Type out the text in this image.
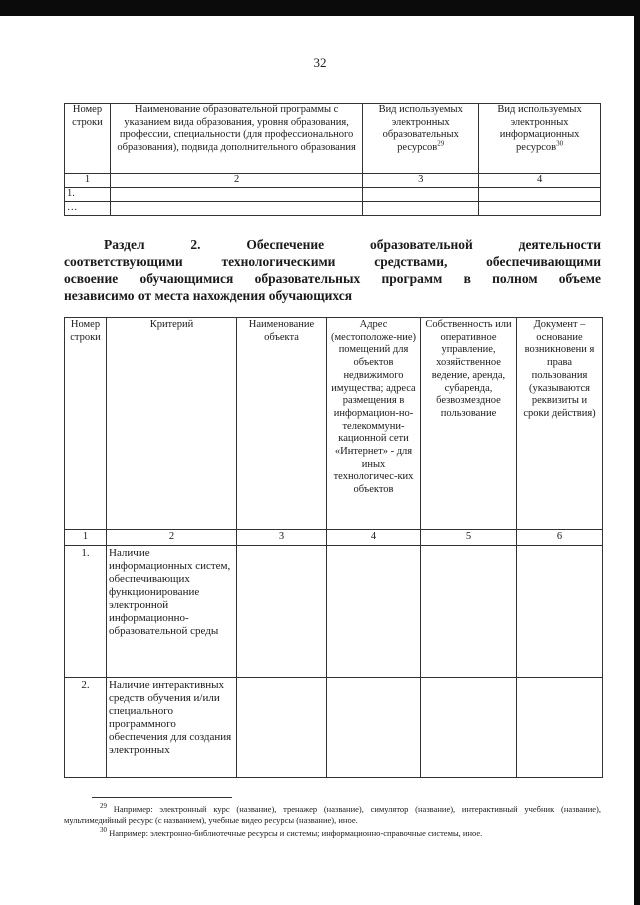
32
Номер строки	Наименование образовательной программы с указанием вида образования, уровня образования, профессии, специальности (для профессионального образования), подвида дополнительного образования	Вид используемых электронных образовательных ресурсов$^{29}$	Вид используемых электронных информационных ресурсов$^{30}$
1	2	3	4
1.			
…			
Раздел 2. Обеспечение образовательной деятельности
соответствующими технологическими средствами, обеспечивающими
освоение обучающимися образовательных программ в полном объеме
независимо от места нахождения обучающихся
Номер строки	Критерий	Наименование объекта	Адрес (местоположе-ние) помещений для объектов недвижимого имущества; адреса размещения в информацион-но-телекоммуни-кационной сети «Интернет» - для иных технологичес-ких объектов	Собственность или оперативное управление, хозяйственное ведение, аренда, субаренда, безвозмездное пользование	Документ – основание возникновени я права пользования (указываются реквизиты и сроки действия)
1	2	3	4	5	6
1.	Наличие информационных систем, обеспечивающих функционирование электронной информационно-образовательной среды				
2.	Наличие интерактивных средств обучения и/или специального программного обеспечения для создания электронных				
$^{29}$ Например: электронный курс (название), тренажер (название), симулятор (название), интерактивный учебник (название), мультимедийный ресурс (с названием), учебные видео ресурсы (название), иное.
$^{30}$ Например: электронно-библиотечные ресурсы и системы; информационно-справочные системы, иное.
